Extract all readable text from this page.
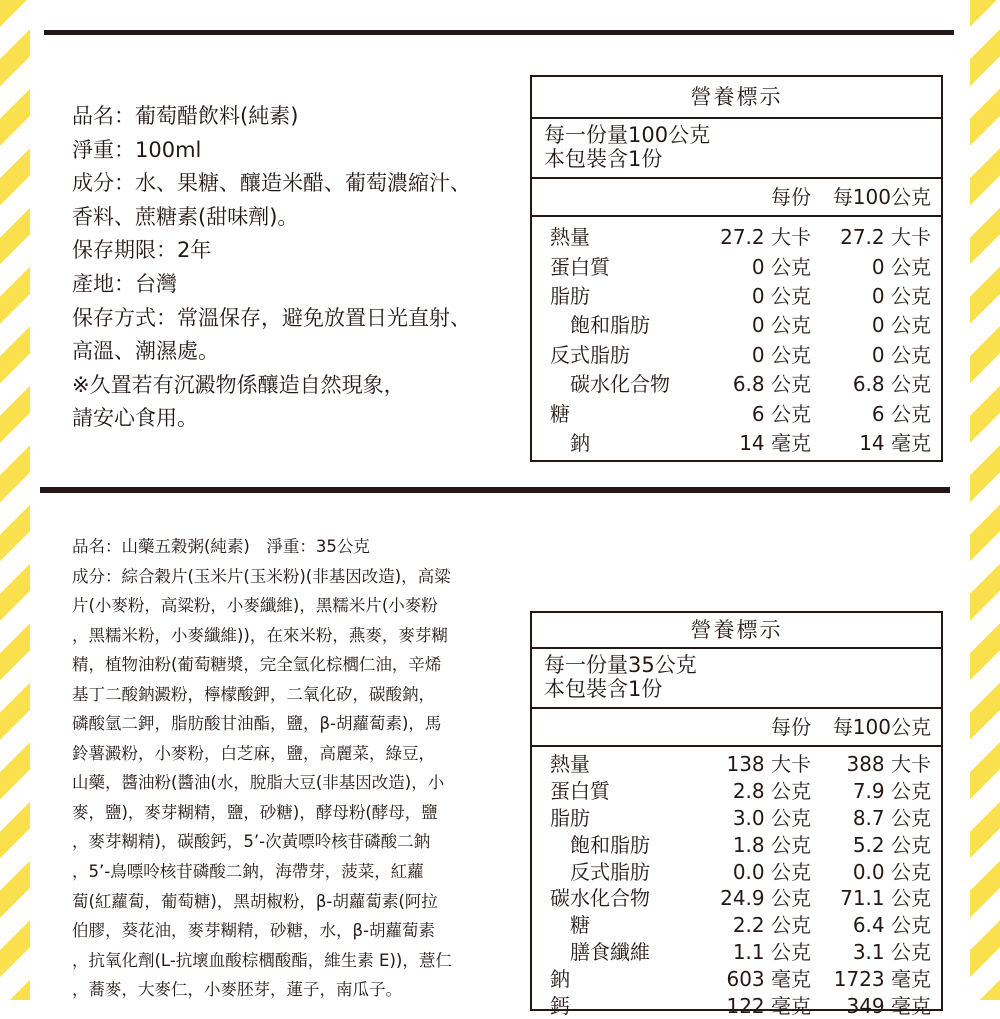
品名：葡萄醋飲料(純素)

淨重：100ml

成分：水、果糖、釀造米醋、葡萄濃縮汁、

香料、蔗糖素(甜味劑)。

保存期限：2年

產地：台灣

保存方式：常溫保存，避免放置日光直射、

高溫、潮濕處。

※久置若有沉澱物係釀造自然現象，

請安心食用。

營養標示
每一份量100公克
本包裝含1份
每份	每100公克
熱量	27.2 大卡	27.2 大卡
蛋白質	0 公克	0 公克
脂肪	0 公克	0 公克
飽和脂肪	0 公克	0 公克
反式脂肪	0 公克	0 公克
碳水化合物	6.8 公克	6.8 公克
糖	6 公克	6 公克
鈉	14 毫克	14 毫克

品名：山藥五穀粥(純素)　淨重：35公克

成分：綜合穀片(玉米片(玉米粉)(非基因改造)，高粱

片(小麥粉，高粱粉，小麥纖維)，黑糯米片(小麥粉

，黑糯米粉，小麥纖維))，在來米粉，燕麥，麥芽糊

精，植物油粉(葡萄糖漿，完全氫化棕櫚仁油，辛烯

基丁二酸鈉澱粉，檸檬酸鉀，二氧化矽，碳酸鈉，

磷酸氫二鉀，脂肪酸甘油酯，鹽，β-胡蘿蔔素)，馬

鈴薯澱粉，小麥粉，白芝麻，鹽，高麗菜，綠豆，

山藥，醬油粉(醬油(水，脫脂大豆(非基因改造)，小

麥，鹽)，麥芽糊精，鹽，砂糖)，酵母粉(酵母，鹽

，麥芽糊精)，碳酸鈣，5’-次黃嘌呤核苷磷酸二鈉

，5’-鳥嘌呤核苷磷酸二鈉，海帶芽，菠菜，紅蘿

蔔(紅蘿蔔，葡萄糖)，黑胡椒粉，β-胡蘿蔔素(阿拉

伯膠，葵花油，麥芽糊精，砂糖，水，β-胡蘿蔔素

，抗氧化劑(L-抗壞血酸棕櫚酸酯，維生素 E))，薏仁

，蕎麥，大麥仁，小麥胚芽，蓮子，南瓜子。

營養標示
每一份量35公克
本包裝含1份
每份	每100公克
熱量	138 大卡	388 大卡
蛋白質	2.8 公克	7.9 公克
脂肪	3.0 公克	8.7 公克
飽和脂肪	1.8 公克	5.2 公克
反式脂肪	0.0 公克	0.0 公克
碳水化合物	24.9 公克	71.1 公克
糖	2.2 公克	6.4 公克
膳食纖維	1.1 公克	3.1 公克
鈉	603 毫克	1723 毫克
鈣	122 毫克	349 毫克
